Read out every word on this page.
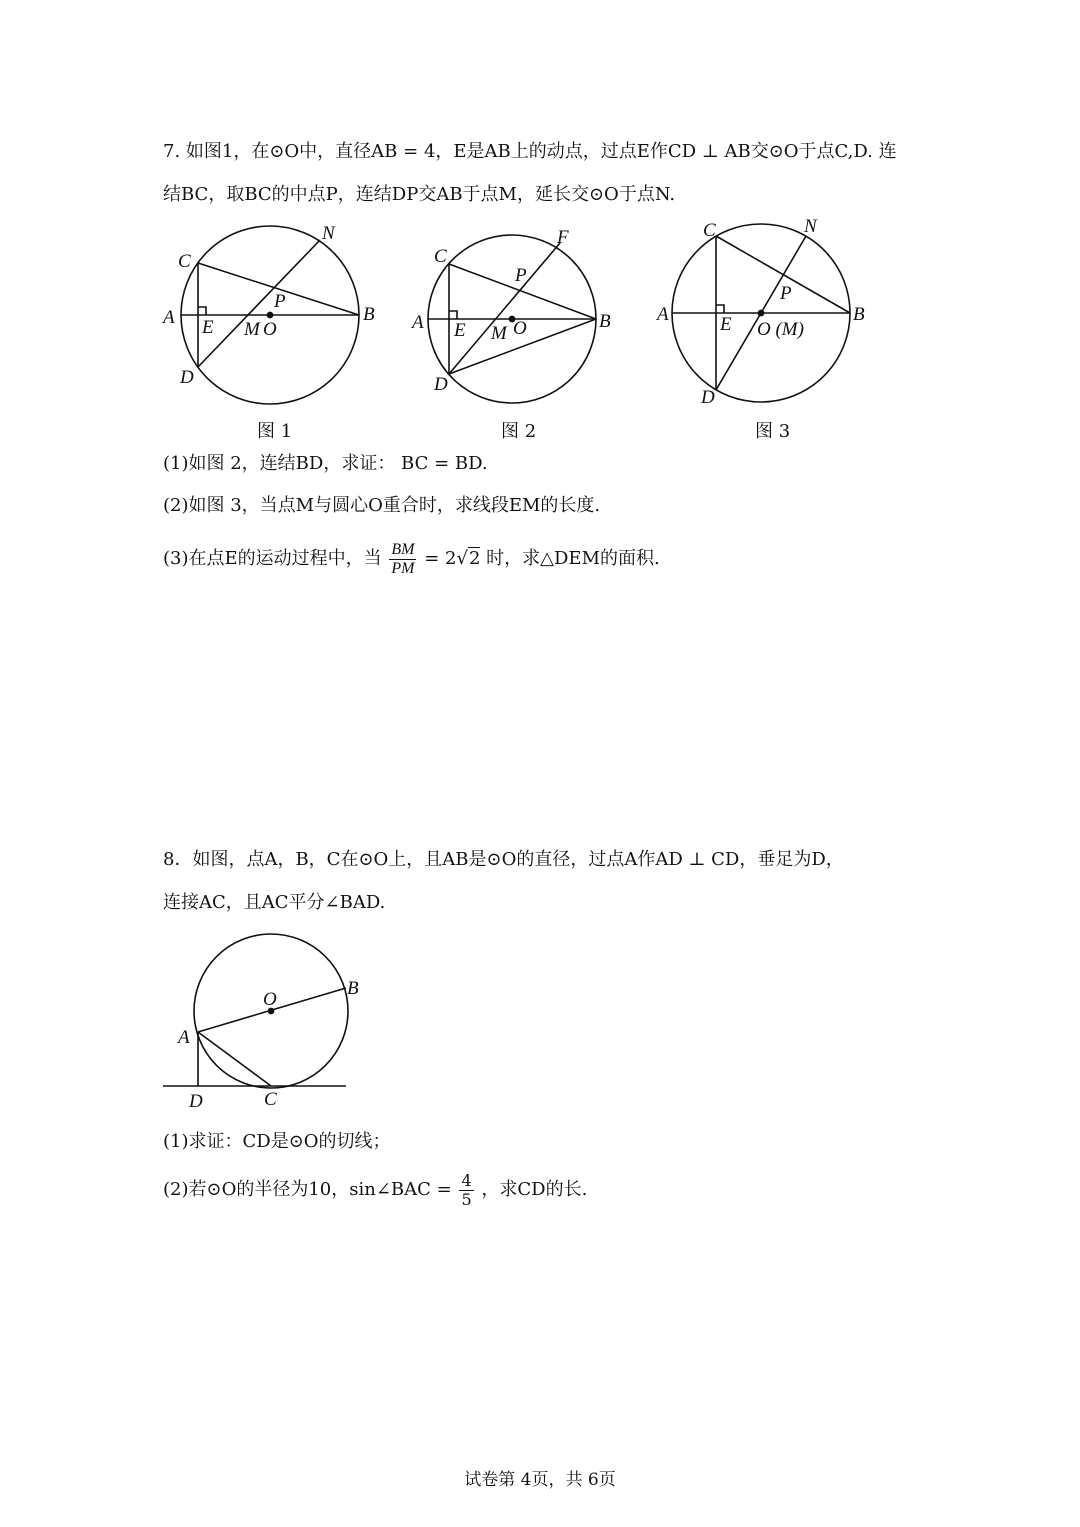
7. 如图1，在⊙O中，直径AB = 4，E是AB上的动点，过点E作CD ⊥ AB交⊙O于点C,D. 连
结BC，取BC的中点P，连结DP交AB于点M，延长交⊙O于点N.
C
A E
D
M O
P
N
B
C
A E
D
M O
P
F
B
C	N
A	E O (M)
P
B
D
图 1	图 2	图 3
(1)如图 2，连结BD，求证： BC = BD.
(2)如图 3，当点M与圆心O重合时，求线段EM的长度.
(3)在点E的运动过程中，当 $\frac{BM}{PM} = 2√2$ 时，求△DEM的面积.
8．如图，点A，B，C在⊙O上，且AB是⊙O的直径，过点A作AD ⊥ CD，垂足为D，
连接AC，且AC平分∠BAD.
O
B
A
D	C
(1)求证：CD是⊙O的切线；
(2)若⊙O的半径为10，sin∠BAC = $\frac{4}{5}$ ，求CD的长.
试卷第 4页，共 6页
